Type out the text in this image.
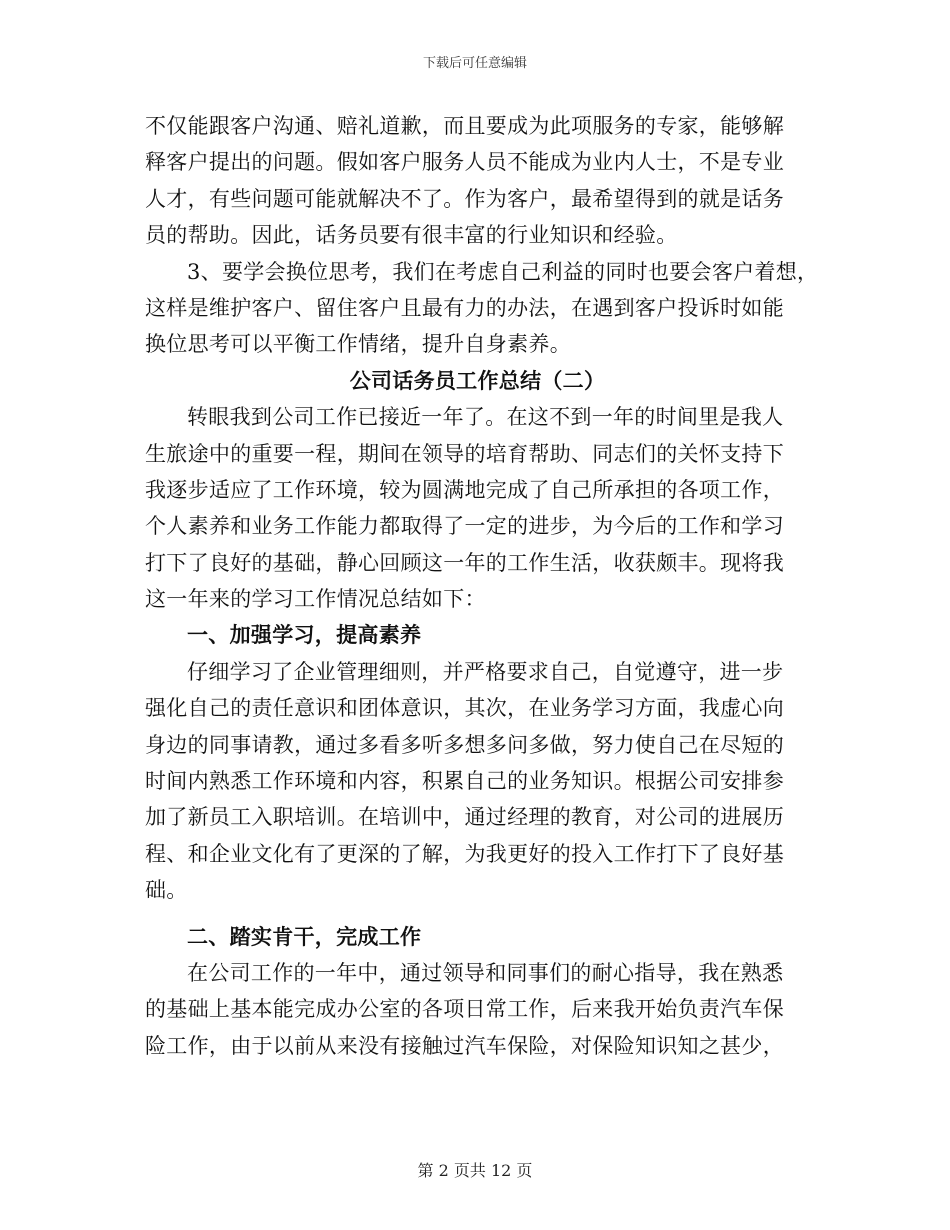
下载后可任意编辑
不仅能跟客户沟通、赔礼道歉，而且要成为此项服务的专家，能够解
释客户提出的问题。假如客户服务人员不能成为业内人士，不是专业
人才，有些问题可能就解决不了。作为客户，最希望得到的就是话务
员的帮助。因此，话务员要有很丰富的行业知识和经验。
3、要学会换位思考，我们在考虑自己利益的同时也要会客户着想，
这样是维护客户、留住客户且最有力的办法，在遇到客户投诉时如能
换位思考可以平衡工作情绪，提升自身素养。
公司话务员工作总结（二）
转眼我到公司工作已接近一年了。在这不到一年的时间里是我人
生旅途中的重要一程，期间在领导的培育帮助、同志们的关怀支持下
我逐步适应了工作环境，较为圆满地完成了自己所承担的各项工作，
个人素养和业务工作能力都取得了一定的进步，为今后的工作和学习
打下了良好的基础，静心回顾这一年的工作生活，收获颇丰。现将我
这一年来的学习工作情况总结如下：
一、加强学习，提高素养
仔细学习了企业管理细则，并严格要求自己，自觉遵守，进一步
强化自己的责任意识和团体意识，其次，在业务学习方面，我虚心向
身边的同事请教，通过多看多听多想多问多做，努力使自己在尽短的
时间内熟悉工作环境和内容，积累自己的业务知识。根据公司安排参
加了新员工入职培训。在培训中，通过经理的教育，对公司的进展历
程、和企业文化有了更深的了解，为我更好的投入工作打下了良好基
础。
二、踏实肯干，完成工作
在公司工作的一年中，通过领导和同事们的耐心指导，我在熟悉
的基础上基本能完成办公室的各项日常工作，后来我开始负责汽车保
险工作，由于以前从来没有接触过汽车保险，对保险知识知之甚少，
第 2 页共 12 页
